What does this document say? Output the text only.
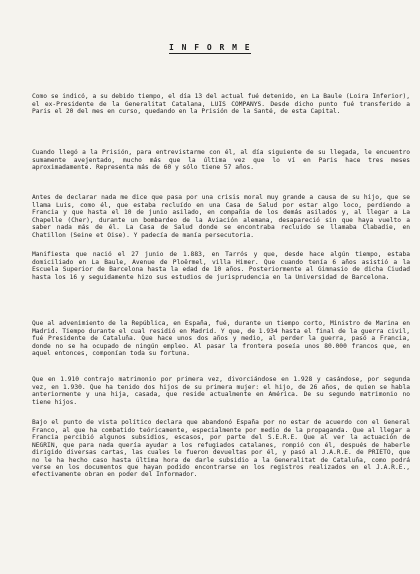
I N F O R M E

Como se indicó, a su debido tiempo, el día 13 del actual fué detenido, en La Baule (Loira Inferior), el ex-Presidente de la Generalitat Catalana, LUIS COMPANYS. Desde dicho punto fué transferido a Paris el 20 del mes en curso, quedando en la Prisión de la Santé, de esta Capital.

Cuando llegó a la Prisión, para entrevistarme con él, al día siguiente de su llegada, le encuentro sumamente avejentado, mucho más que la última vez que lo ví en Paris hace tres meses aproximadamente. Representa más de 60 y sólo tiene 57 años.

Antes de declarar nada me dice que pasa por una crisis moral muy grande a causa de su hijo, que se llama Luis, como él, que estaba recluído en una Casa de Salud por estar algo loco, perdiendo a Francia y que hasta el 10 de junio asilado, en compañía de los demás asilados y, al llegar a La Chapelle (Cher), durante un bombardeo de la Aviación alemana, desapareció sin que haya vuelto a saber nada más de él. La Casa de Salud donde se encontraba recluido se llamaba Clabadie, en Chatillon (Seine et Oise). Y padecía de manía persecutoria.

Manifiesta que nació el 27 junio de 1.883, en Tarrós y que, desde hace algún tiempo, estaba domiciliado en La Baule, Avenue de Ploërmel, villa Himer. Que cuando tenía 6 años asistió a la Escuela Superior de Barcelona hasta la edad de 10 años. Posteriormente al Gimnasio de dicha Ciudad hasta los 16 y seguidamente hizo sus estudios de jurisprudencia en la Universidad de Barcelona.

Que al advenimiento de la República, en España, fué, durante un tiempo corto, Ministro de Marina en Madrid. Tiempo durante el cual residió en Madrid. Y que, de 1.934 hasta el final de la guerra civil, fué Presidente de Cataluña. Que hace unos dos años y medio, al perder la guerra, pasó a Francia, donde no se ha ocupado de ningún empleo. Al pasar la frontera poseía unos 80.000 francos que, en aquel entonces, componían toda su fortuna.

Que en 1.910 contrajo matrimonio por primera vez, divorciándose en 1.928 y casándose, por segunda vez, en 1.930. Que ha tenido dos hijos de su primera mujer: el hijo, de 26 años, de quien se habla anteriormente y una hija, casada, que reside actualmente en América. De su segundo matrimonio no tiene hijos.

Bajo el punto de vista político declara que abandonó España por no estar de acuerdo con el General Franco, al que ha combatido teóricamente, especialmente por medio de la propaganda. Que al llegar a Francia percibió algunos subsidios, escasos, por parte del S.E.R.E. Que al ver la actuación de NEGRIN, que para nada quería ayudar a los refugiados catalanes, rompió con él, después de haberle dirigido diversas cartas, las cuales le fueron devueltas por él, y pasó al J.A.R.E. de PRIETO, que no le ha hecho caso hasta última hora de darle subsidio a la Generalitat de Cataluña, como podrá verse en los documentos que hayan podido encontrarse en los registros realizados en el J.A.R.E., efectivamente obran en poder del Informador.
